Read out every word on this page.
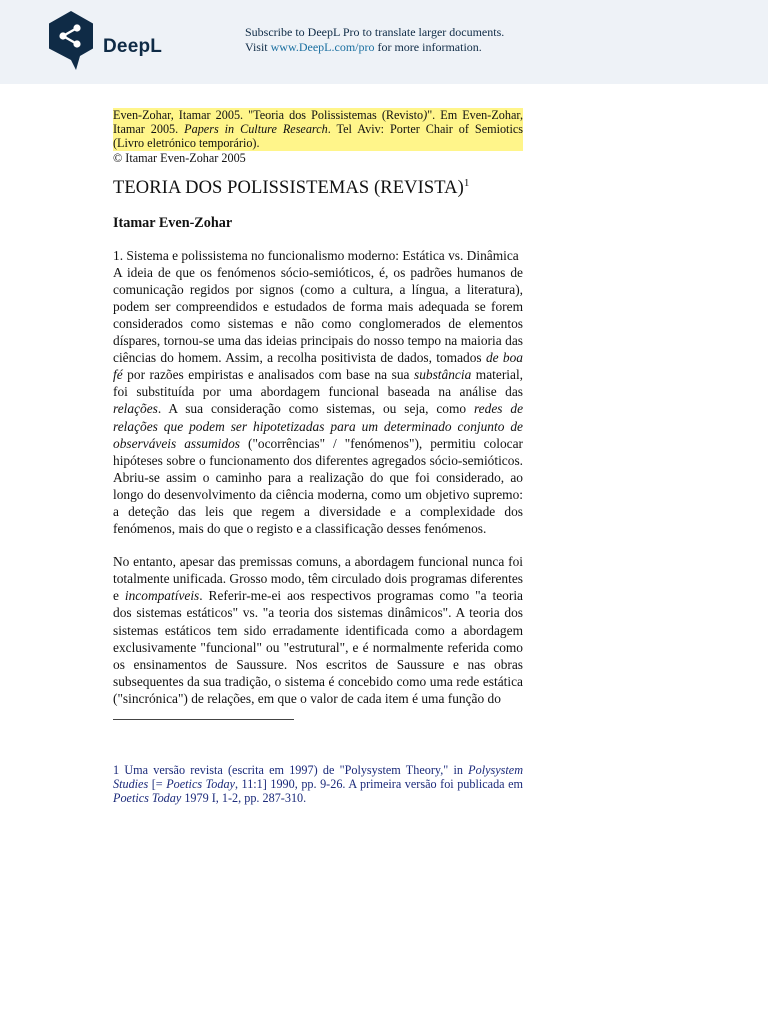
DeepL
Subscribe to DeepL Pro to translate larger documents.
Visit www.DeepL.com/pro for more information.
Even-Zohar, Itamar 2005. "Teoria dos Polissistemas (Revisto)". Em Even-Zohar, Itamar 2005. Papers in Culture Research. Tel Aviv: Porter Chair of Semiotics (Livro eletrónico temporário).
© Itamar Even-Zohar 2005
TEORIA DOS POLISSISTEMAS (REVISTA)$^1$
Itamar Even-Zohar
1. Sistema e polissistema no funcionalismo moderno: Estática vs. Dinâmica
A ideia de que os fenómenos sócio-semióticos, é, os padrões humanos de comunicação regidos por signos (como a cultura, a língua, a literatura), podem ser compreendidos e estudados de forma mais adequada se forem considerados como sistemas e não como conglomerados de elementos díspares, tornou-se uma das ideias principais do nosso tempo na maioria das ciências do homem. Assim, a recolha positivista de dados, tomados de boa fé por razões empiristas e analisados com base na sua substância material, foi substituída por uma abordagem funcional baseada na análise das relações. A sua consideração como sistemas, ou seja, como redes de relações que podem ser hipotetizadas para um determinado conjunto de observáveis assumidos ("ocorrências" / "fenómenos"), permitiu colocar hipóteses sobre o funcionamento dos diferentes agregados sócio-semióticos. Abriu-se assim o caminho para a realização do que foi considerado, ao longo do desenvolvimento da ciência moderna, como um objetivo supremo: a deteção das leis que regem a diversidade e a complexidade dos fenómenos, mais do que o registo e a classificação desses fenómenos.
No entanto, apesar das premissas comuns, a abordagem funcional nunca foi totalmente unificada. Grosso modo, têm circulado dois programas diferentes e incompatíveis. Referir-me-ei aos respectivos programas como "a teoria dos sistemas estáticos" vs. "a teoria dos sistemas dinâmicos". A teoria dos sistemas estáticos tem sido erradamente identificada como a abordagem exclusivamente "funcional" ou "estrutural", e é normalmente referida como os ensinamentos de Saussure. Nos escritos de Saussure e nas obras subsequentes da sua tradição, o sistema é concebido como uma rede estática ("sincrónica") de relações, em que o valor de cada item é uma função do
1 Uma versão revista (escrita em 1997) de "Polysystem Theory," in Polysystem Studies [= Poetics Today, 11:1] 1990, pp. 9-26. A primeira versão foi publicada em Poetics Today 1979 I, 1-2, pp. 287-310.
